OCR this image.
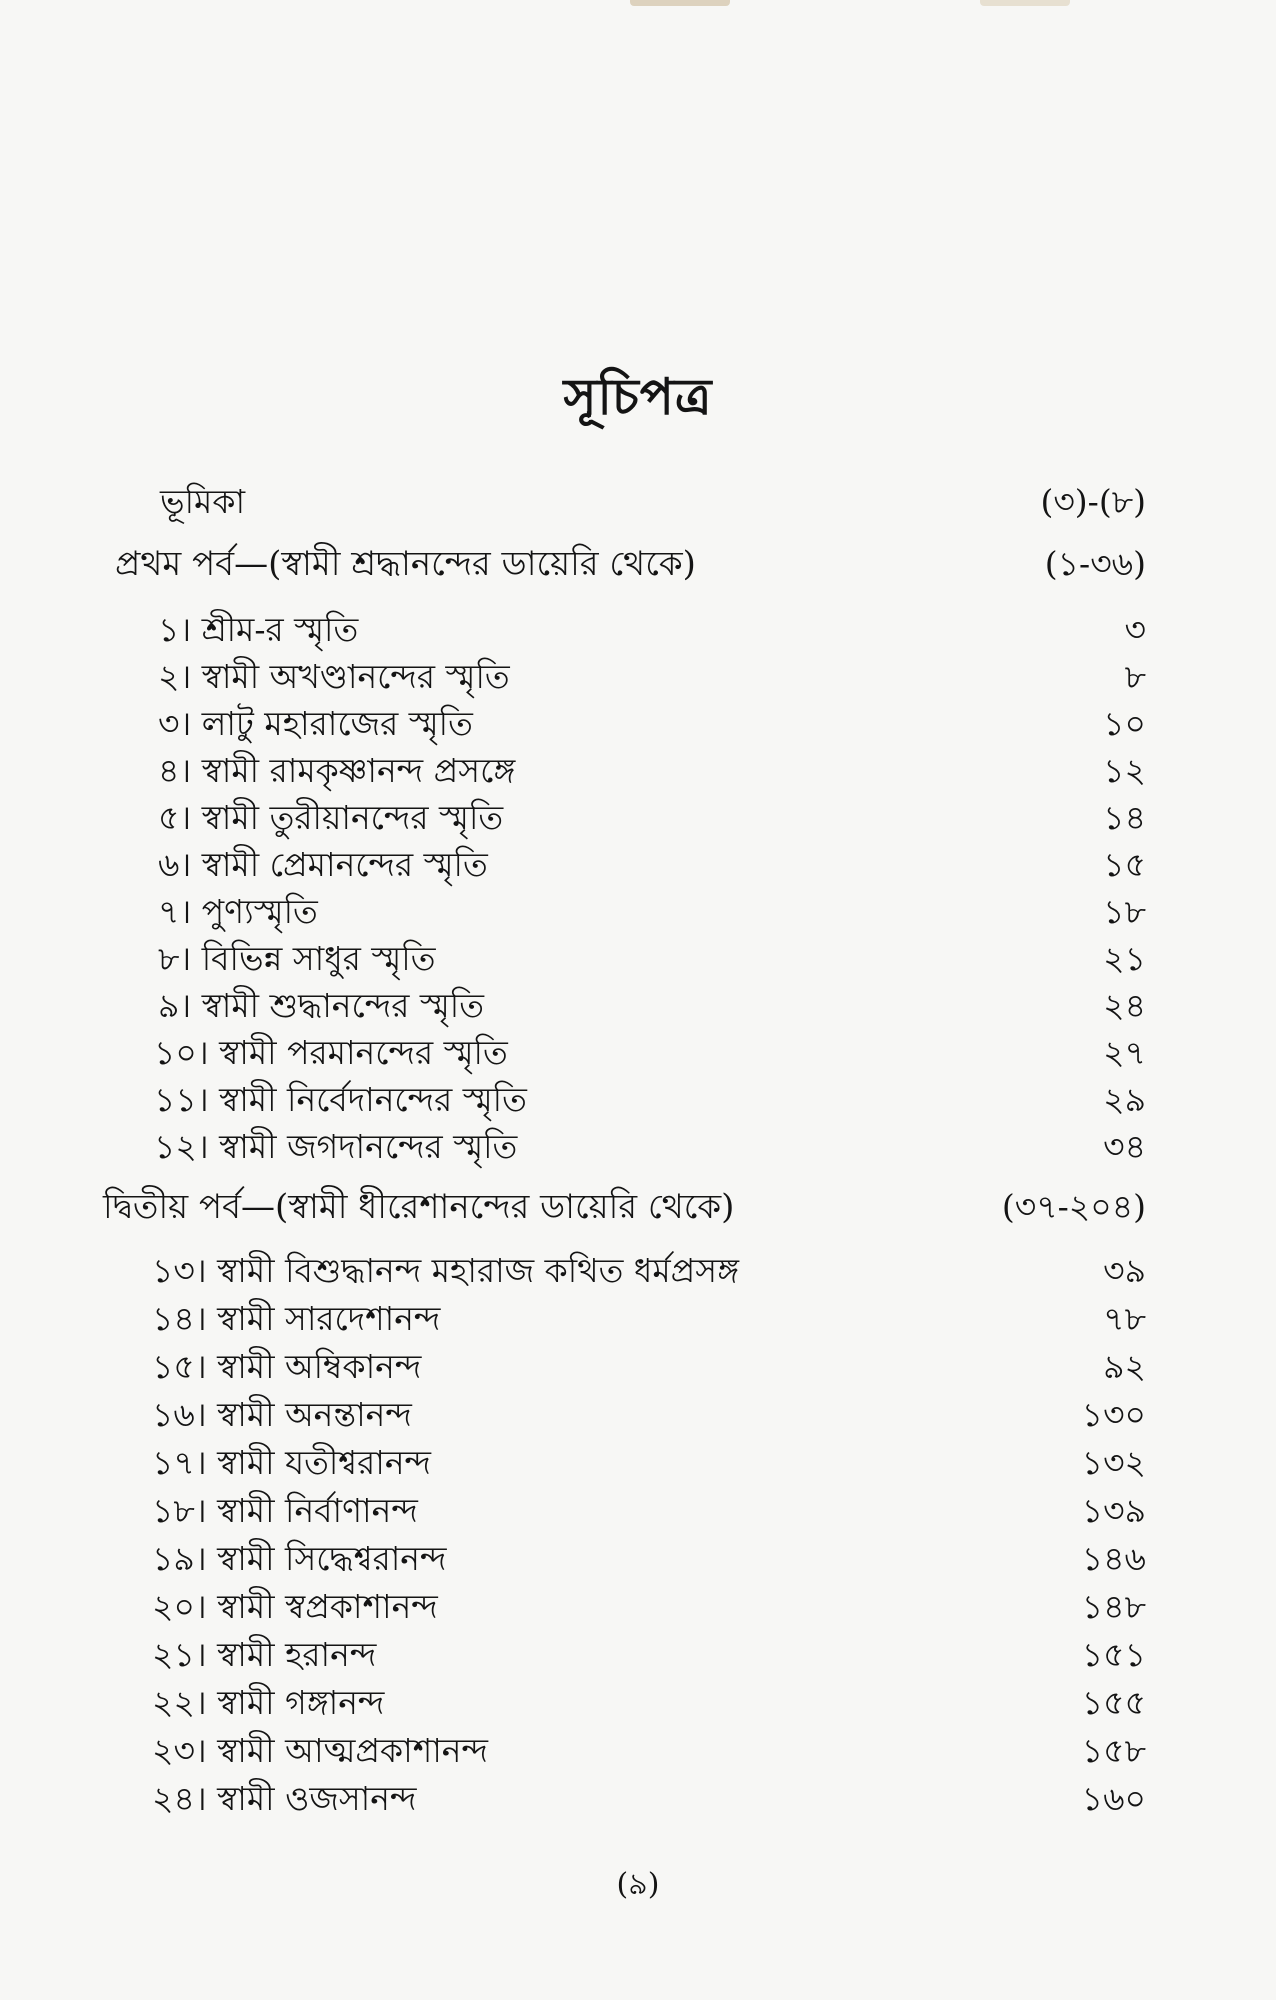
সূচিপত্র
ভূমিকা	(৩)-(৮)
প্রথম পর্ব—(স্বামী শ্রদ্ধানন্দের ডায়েরি থেকে)	(১-৩৬)
১। শ্রীম-র স্মৃতি	৩
২। স্বামী অখণ্ডানন্দের স্মৃতি	৮
৩। লাটু মহারাজের স্মৃতি	১০
৪। স্বামী রামকৃষ্ণানন্দ প্রসঙ্গে	১২
৫। স্বামী তুরীয়ানন্দের স্মৃতি	১৪
৬। স্বামী প্রেমানন্দের স্মৃতি	১৫
৭। পুণ্যস্মৃতি	১৮
৮। বিভিন্ন সাধুর স্মৃতি	২১
৯। স্বামী শুদ্ধানন্দের স্মৃতি	২৪
১০। স্বামী পরমানন্দের স্মৃতি	২৭
১১। স্বামী নির্বেদানন্দের স্মৃতি	২৯
১২। স্বামী জগদানন্দের স্মৃতি	৩৪
দ্বিতীয় পর্ব—(স্বামী ধীরেশানন্দের ডায়েরি থেকে)	(৩৭-২০৪)
১৩। স্বামী বিশুদ্ধানন্দ মহারাজ কথিত ধর্মপ্রসঙ্গ	৩৯
১৪। স্বামী সারদেশানন্দ	৭৮
১৫। স্বামী অম্বিকানন্দ	৯২
১৬। স্বামী অনন্তানন্দ	১৩০
১৭। স্বামী যতীশ্বরানন্দ	১৩২
১৮। স্বামী নির্বাণানন্দ	১৩৯
১৯। স্বামী সিদ্ধেশ্বরানন্দ	১৪৬
২০। স্বামী স্বপ্রকাশানন্দ	১৪৮
২১। স্বামী হরানন্দ	১৫১
২২। স্বামী গঙ্গানন্দ	১৫৫
২৩। স্বামী আত্মপ্রকাশানন্দ	১৫৮
২৪। স্বামী ওজসানন্দ	১৬০
(৯)
